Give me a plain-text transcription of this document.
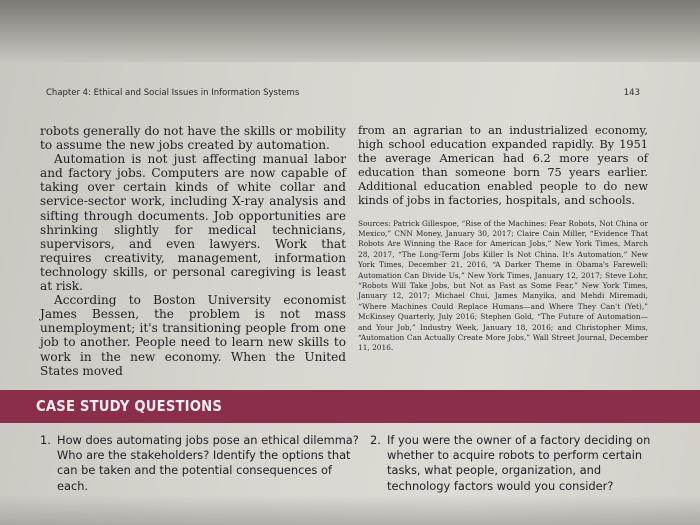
Chapter 4: Ethical and Social Issues in Information Systems	143

robots generally do not have the skills or mobility to assume the new jobs created by automation.

Automation is not just affecting manual labor and factory jobs. Computers are now capable of taking over certain kinds of white collar and service-sector work, including X-ray analysis and sifting through documents. Job opportunities are shrinking slightly for medical technicians, supervisors, and even lawyers. Work that requires creativity, management, information technology skills, or personal caregiving is least at risk.

According to Boston University economist James Bessen, the problem is not mass unemployment; it's transitioning people from one job to another. People need to learn new skills to work in the new economy. When the United States moved

from an agrarian to an industrialized economy, high school education expanded rapidly. By 1951 the average American had 6.2 more years of education than someone born 75 years earlier. Additional education enabled people to do new kinds of jobs in factories, hospitals, and schools.

Sources: Patrick Gillespoe, “Rise of the Machines: Fear Robots, Not China or Mexico,” CNN Money, January 30, 2017; Claire Cain Miller, “Evidence That Robots Are Winning the Race for American Jobs,” New York Times, March 28, 2017, “The Long-Term Jobs Killer Is Not China. It's Automation,” New York Times, December 21, 2016, “A Darker Theme in Obama's Farewell: Automation Can Divide Us,” New York Times, January 12, 2017; Steve Lohr, “Robots Will Take Jobs, but Not as Fast as Some Fear,” New York Times, January 12, 2017; Michael Chui, James Manyika, and Mehdi Miremadi, “Where Machines Could Replace Humans—and Where They Can't (Yet),” McKinsey Quarterly, July 2016; Stephen Gold, “The Future of Automation—and Your Job,” Industry Week, January 18, 2016; and Christopher Mims, “Automation Can Actually Create More Jobs,” Wall Street Journal, December 11, 2016.

CASE STUDY QUESTIONS
1. How does automating jobs pose an ethical dilemma? Who are the stakeholders? Identify the options that can be taken and the potential consequences of each.
2. If you were the owner of a factory deciding on whether to acquire robots to perform certain tasks, what people, organization, and technology factors would you consider?
